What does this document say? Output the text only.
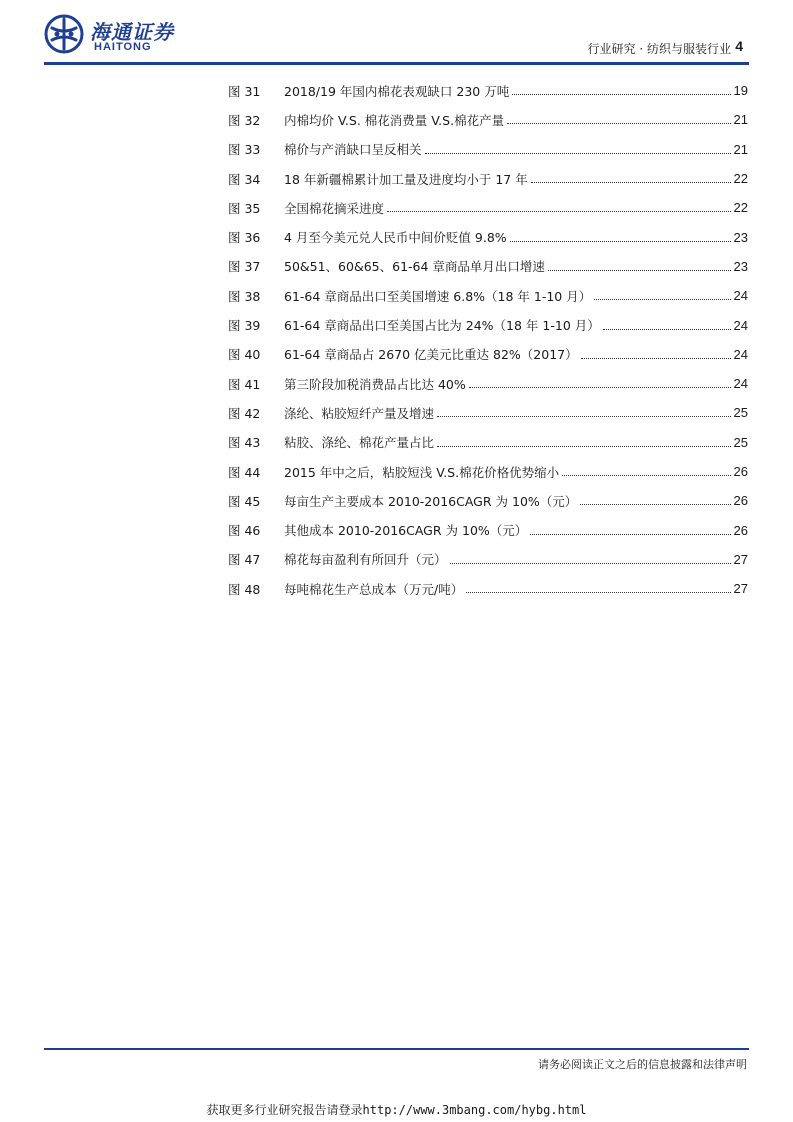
海通证券
HAITONG	行业研究 · 纺织与服装行业 4
图 31	2018/19 年国内棉花表观缺口 230 万吨	19
图 32	内棉均价 V.S. 棉花消费量 V.S.棉花产量	21
图 33	棉价与产消缺口呈反相关	21
图 34	18 年新疆棉累计加工量及进度均小于 17 年	22
图 35	全国棉花摘采进度	22
图 36	4 月至今美元兑人民币中间价贬值 9.8%	23
图 37	50&51、60&65、61-64 章商品单月出口增速	23
图 38	61-64 章商品出口至美国增速 6.8%（18 年 1-10 月）	24
图 39	61-64 章商品出口至美国占比为 24%（18 年 1-10 月）	24
图 40	61-64 章商品占 2670 亿美元比重达 82%（2017）	24
图 41	第三阶段加税消费品占比达 40%	24
图 42	涤纶、粘胶短纤产量及增速	25
图 43	粘胶、涤纶、棉花产量占比	25
图 44	2015 年中之后，粘胶短浅 V.S.棉花价格优势缩小	26
图 45	每亩生产主要成本 2010-2016CAGR 为 10%（元）	26
图 46	其他成本 2010-2016CAGR 为 10%（元）	26
图 47	棉花每亩盈利有所回升（元）	27
图 48	每吨棉花生产总成本（万元/吨）	27
请务必阅读正文之后的信息披露和法律声明
获取更多行业研究报告请登录http://www.3mbang.com/hybg.html
